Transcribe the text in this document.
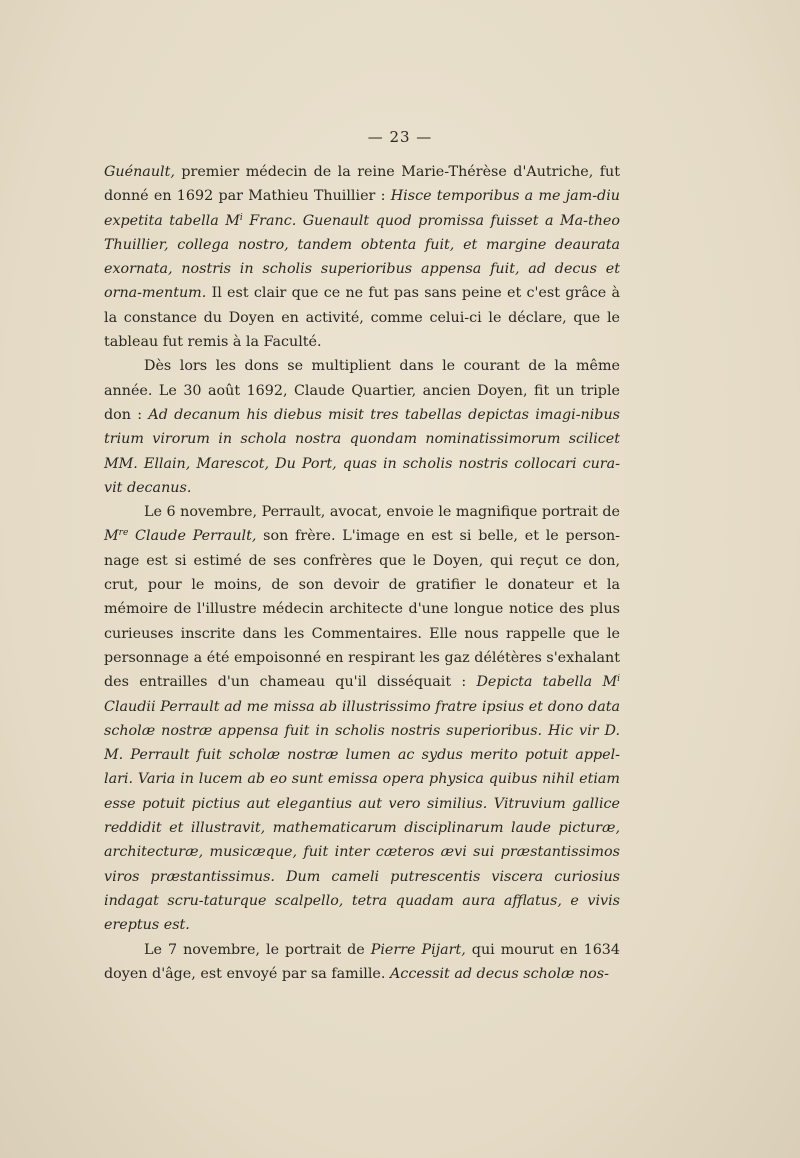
— 23 —

Guénault, premier médecin de la reine Marie-Thérèse d'Autriche, fut donné en 1692 par Mathieu Thuillier : Hisce temporibus a me jam-diu expetita tabella $M^i$ Franc. Guenault quod promissa fuisset a Ma-theo Thuillier, collega nostro, tandem obtenta fuit, et margine deaurata exornata, nostris in scholis superioribus appensa fuit, ad decus et orna-mentum. Il est clair que ce ne fut pas sans peine et c'est grâce à la constance du Doyen en activité, comme celui-ci le déclare, que le tableau fut remis à la Faculté.

Dès lors les dons se multiplient dans le courant de la même année. Le 30 août 1692, Claude Quartier, ancien Doyen, fit un triple don : Ad decanum his diebus misit tres tabellas depictas imagi-nibus trium virorum in schola nostra quondam nominatissimorum scilicet MM. Ellain, Marescot, Du Port, quas in scholis nostris collocari cura-vit decanus.

Le 6 novembre, Perrault, avocat, envoie le magnifique portrait de Mre Claude Perrault, son frère. L'image en est si belle, et le person-nage est si estimé de ses confrères que le Doyen, qui reçut ce don, crut, pour le moins, de son devoir de gratifier le donateur et la mémoire de l'illustre médecin architecte d'une longue notice des plus curieuses inscrite dans les Commentaires. Elle nous rappelle que le personnage a été empoisonné en respirant les gaz délétères s'exhalant des entrailles d'un chameau qu'il disséquait : Depicta tabella $M^i$ Claudii Perrault ad me missa ab illustrissimo fratre ipsius et dono data scholæ nostræ appensa fuit in scholis nostris superioribus. Hic vir D. M. Perrault fuit scholæ nostræ lumen ac sydus merito potuit appel-lari. Varia in lucem ab eo sunt emissa opera physica quibus nihil etiam esse potuit pictius aut elegantius aut vero similius. Vitruvium gallice reddidit et illustravit, mathematicarum disciplinarum laude picturæ, architecturæ, musicæque, fuit inter cæteros ævi sui præstantissimos viros præstantissimus. Dum cameli putrescentis viscera curiosius indagat scru-taturque scalpello, tetra quadam aura afflatus, e vivis ereptus est.

Le 7 novembre, le portrait de Pierre Pijart, qui mourut en 1634 doyen d'âge, est envoyé par sa famille. Accessit ad decus scholæ nos-
